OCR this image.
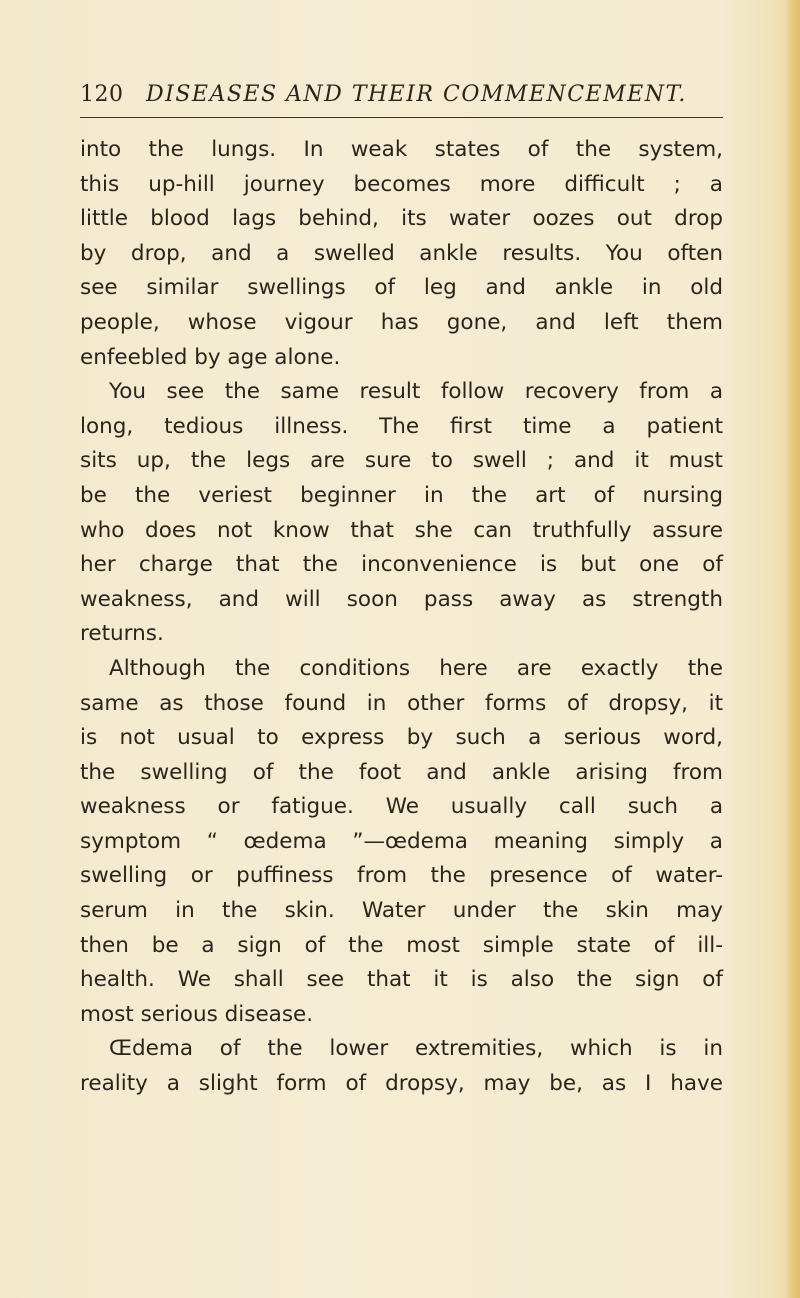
120 DISEASES AND THEIR COMMENCEMENT.
into the lungs. In weak states of the system,
this up-hill journey becomes more difficult ; a
little blood lags behind, its water oozes out drop
by drop, and a swelled ankle results. You often
see similar swellings of leg and ankle in old
people, whose vigour has gone, and left them
enfeebled by age alone.
You see the same result follow recovery from a
long, tedious illness. The first time a patient
sits up, the legs are sure to swell ; and it must
be the veriest beginner in the art of nursing
who does not know that she can truthfully assure
her charge that the inconvenience is but one of
weakness, and will soon pass away as strength
returns.
Although the conditions here are exactly the
same as those found in other forms of dropsy, it
is not usual to express by such a serious word,
the swelling of the foot and ankle arising from
weakness or fatigue. We usually call such a
symptom “ œdema ”—œdema meaning simply a
swelling or puffiness from the presence of water-
serum in the skin. Water under the skin may
then be a sign of the most simple state of ill-
health. We shall see that it is also the sign of
most serious disease.
Œdema of the lower extremities, which is in
reality a slight form of dropsy, may be, as I have
